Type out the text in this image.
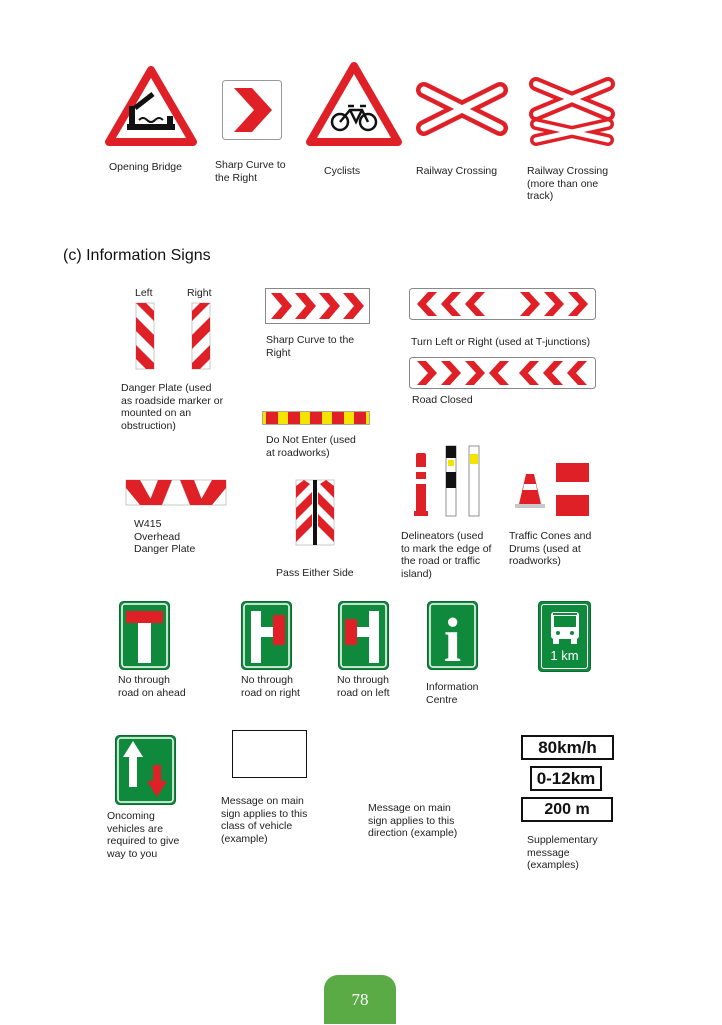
Opening Bridge	Sharp Curve to
the Right
Cyclists	Railway Crossing	Railway Crossing
(more than one
track)
(c) Information Signs
Left	Right
Danger Plate (used
as roadside marker or
mounted on an
obstruction)
Sharp Curve to the
Right
Turn Left or Right (used at T-junctions)
Road Closed
Do Not Enter (used
at roadworks)
W415
Overhead
Danger Plate
Pass Either Side
Delineators (used
to mark the edge of
the road or traffic
island)
Traffic Cones and
Drums (used at
roadworks)
No through
road on ahead
No through
road on right
No through
road on left
i
Information
Centre
1 km
Oncoming
vehicles are
required to give
way to you
Message on main
sign applies to this
class of vehicle
(example)
Message on main
sign applies to this
direction (example)
80km/h
0-12km
200 m
Supplementary
message
(examples)
78
